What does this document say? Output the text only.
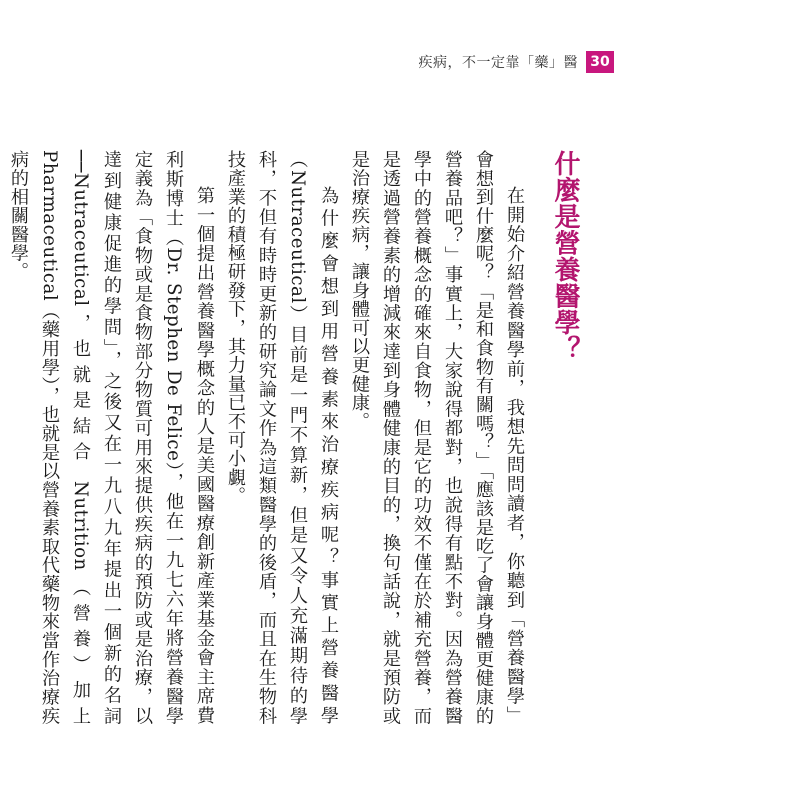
疾病，不一定靠「藥」醫 30
什麼是營養醫學？

在開始介紹營養醫學前，我想先問問讀者，你聽到「營養醫學」會想到什麼呢？「是和食物有關嗎？」「應該是吃了會讓身體更健康的營養品吧？」事實上，大家說得都對，也說得有點不對。因為營養醫學中的營養概念的確來自食物，但是它的功效不僅在於補充營養，而是透過營養素的增減來達到身體健康的目的，換句話說，就是預防或是治療疾病，讓身體可以更健康。

為什麼會想到用營養素來治療疾病呢？事實上營養醫學（Nutraceutical）目前是一門不算新，但是又令人充滿期待的學科，不但有時時更新的研究論文作為這類醫學的後盾，而且在生物科技產業的積極研發下，其力量已不可小覷。

第一個提出營養醫學概念的人是美國醫療創新產業基金會主席費利斯博士（Dr. Stephen De Felice），他在一九七六年將營養醫學定義為「食物或是食物部分物質可用來提供疾病的預防或是治療，以達到健康促進的學問」，之後又在一九八九年提出一個新的名詞──Nutraceutical，也就是結合 Nutrition（營養）加上 Pharmaceutical（藥用學），也就是以營養素取代藥物來當作治療疾病的相關醫學。
